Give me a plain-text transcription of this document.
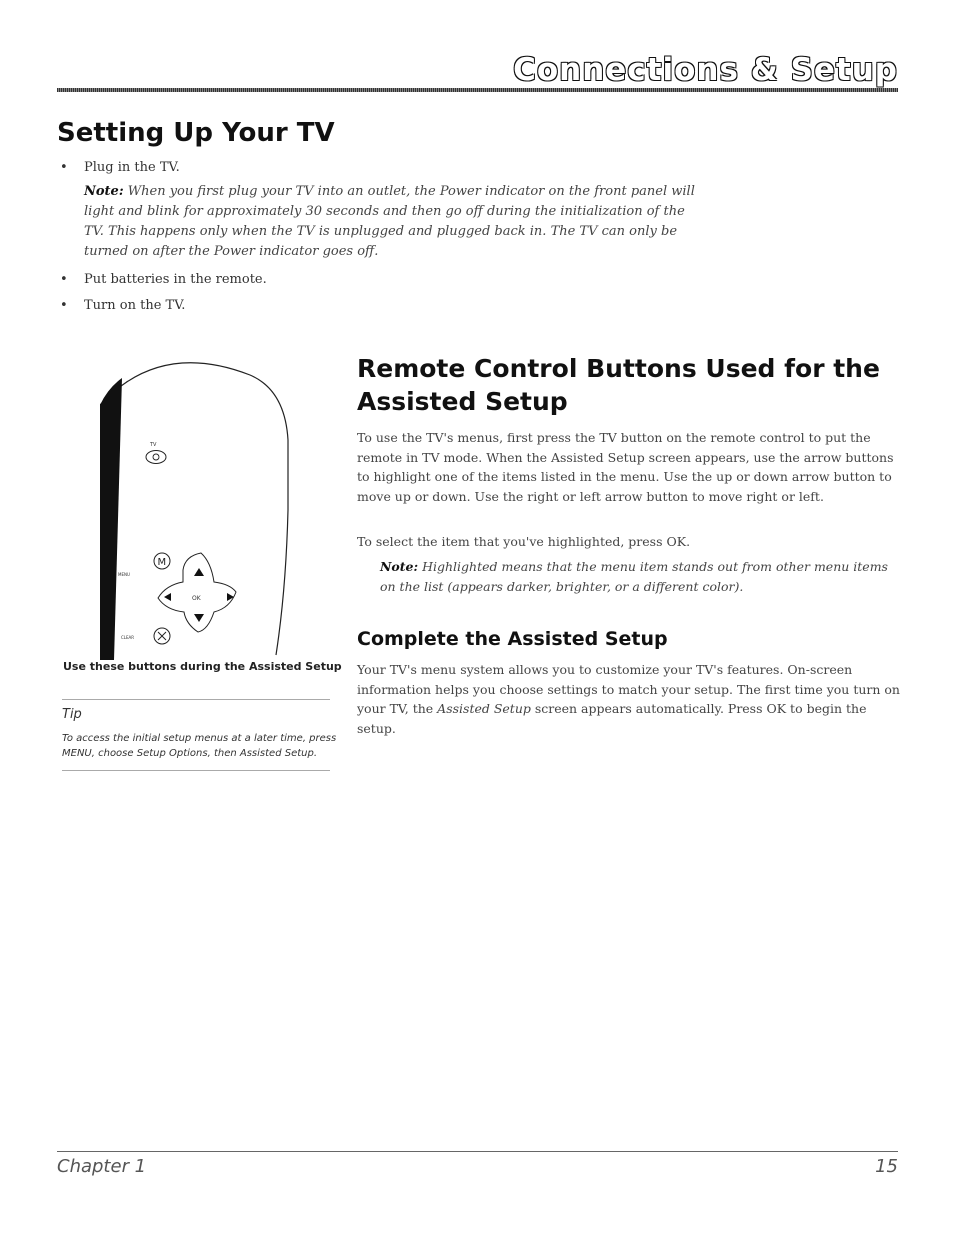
Connections & Setup
Setting Up Your TV
• Plug in the TV.
Note: When you first plug your TV into an outlet, the Power indicator on the front panel will light and blink for approximately 30 seconds and then go off during the initialization of the TV. This happens only when the TV is unplugged and plugged back in. The TV can only be turned on after the Power indicator goes off.
• Put batteries in the remote.
• Turn on the TV.
TV
MENU
M
OK
CLEAR
Use these buttons during the Assisted Setup
Tip
To access the initial setup menus at a later time, press MENU, choose Setup Options, then Assisted Setup.
Remote Control Buttons Used for the Assisted Setup

To use the TV's menus, first press the TV button on the remote control to put the remote in TV mode. When the Assisted Setup screen appears, use the arrow buttons to highlight one of the items listed in the menu. Use the up or down arrow button to move up or down. Use the right or left arrow button to move right or left.

To select the item that you've highlighted, press OK.

Note: Highlighted means that the menu item stands out from other menu items on the list (appears darker, brighter, or a different color).
Complete the Assisted Setup

Your TV's menu system allows you to customize your TV's features. On-screen information helps you choose settings to match your setup. The first time you turn on your TV, the Assisted Setup screen appears automatically. Press OK to begin the setup.

Chapter 1	15
